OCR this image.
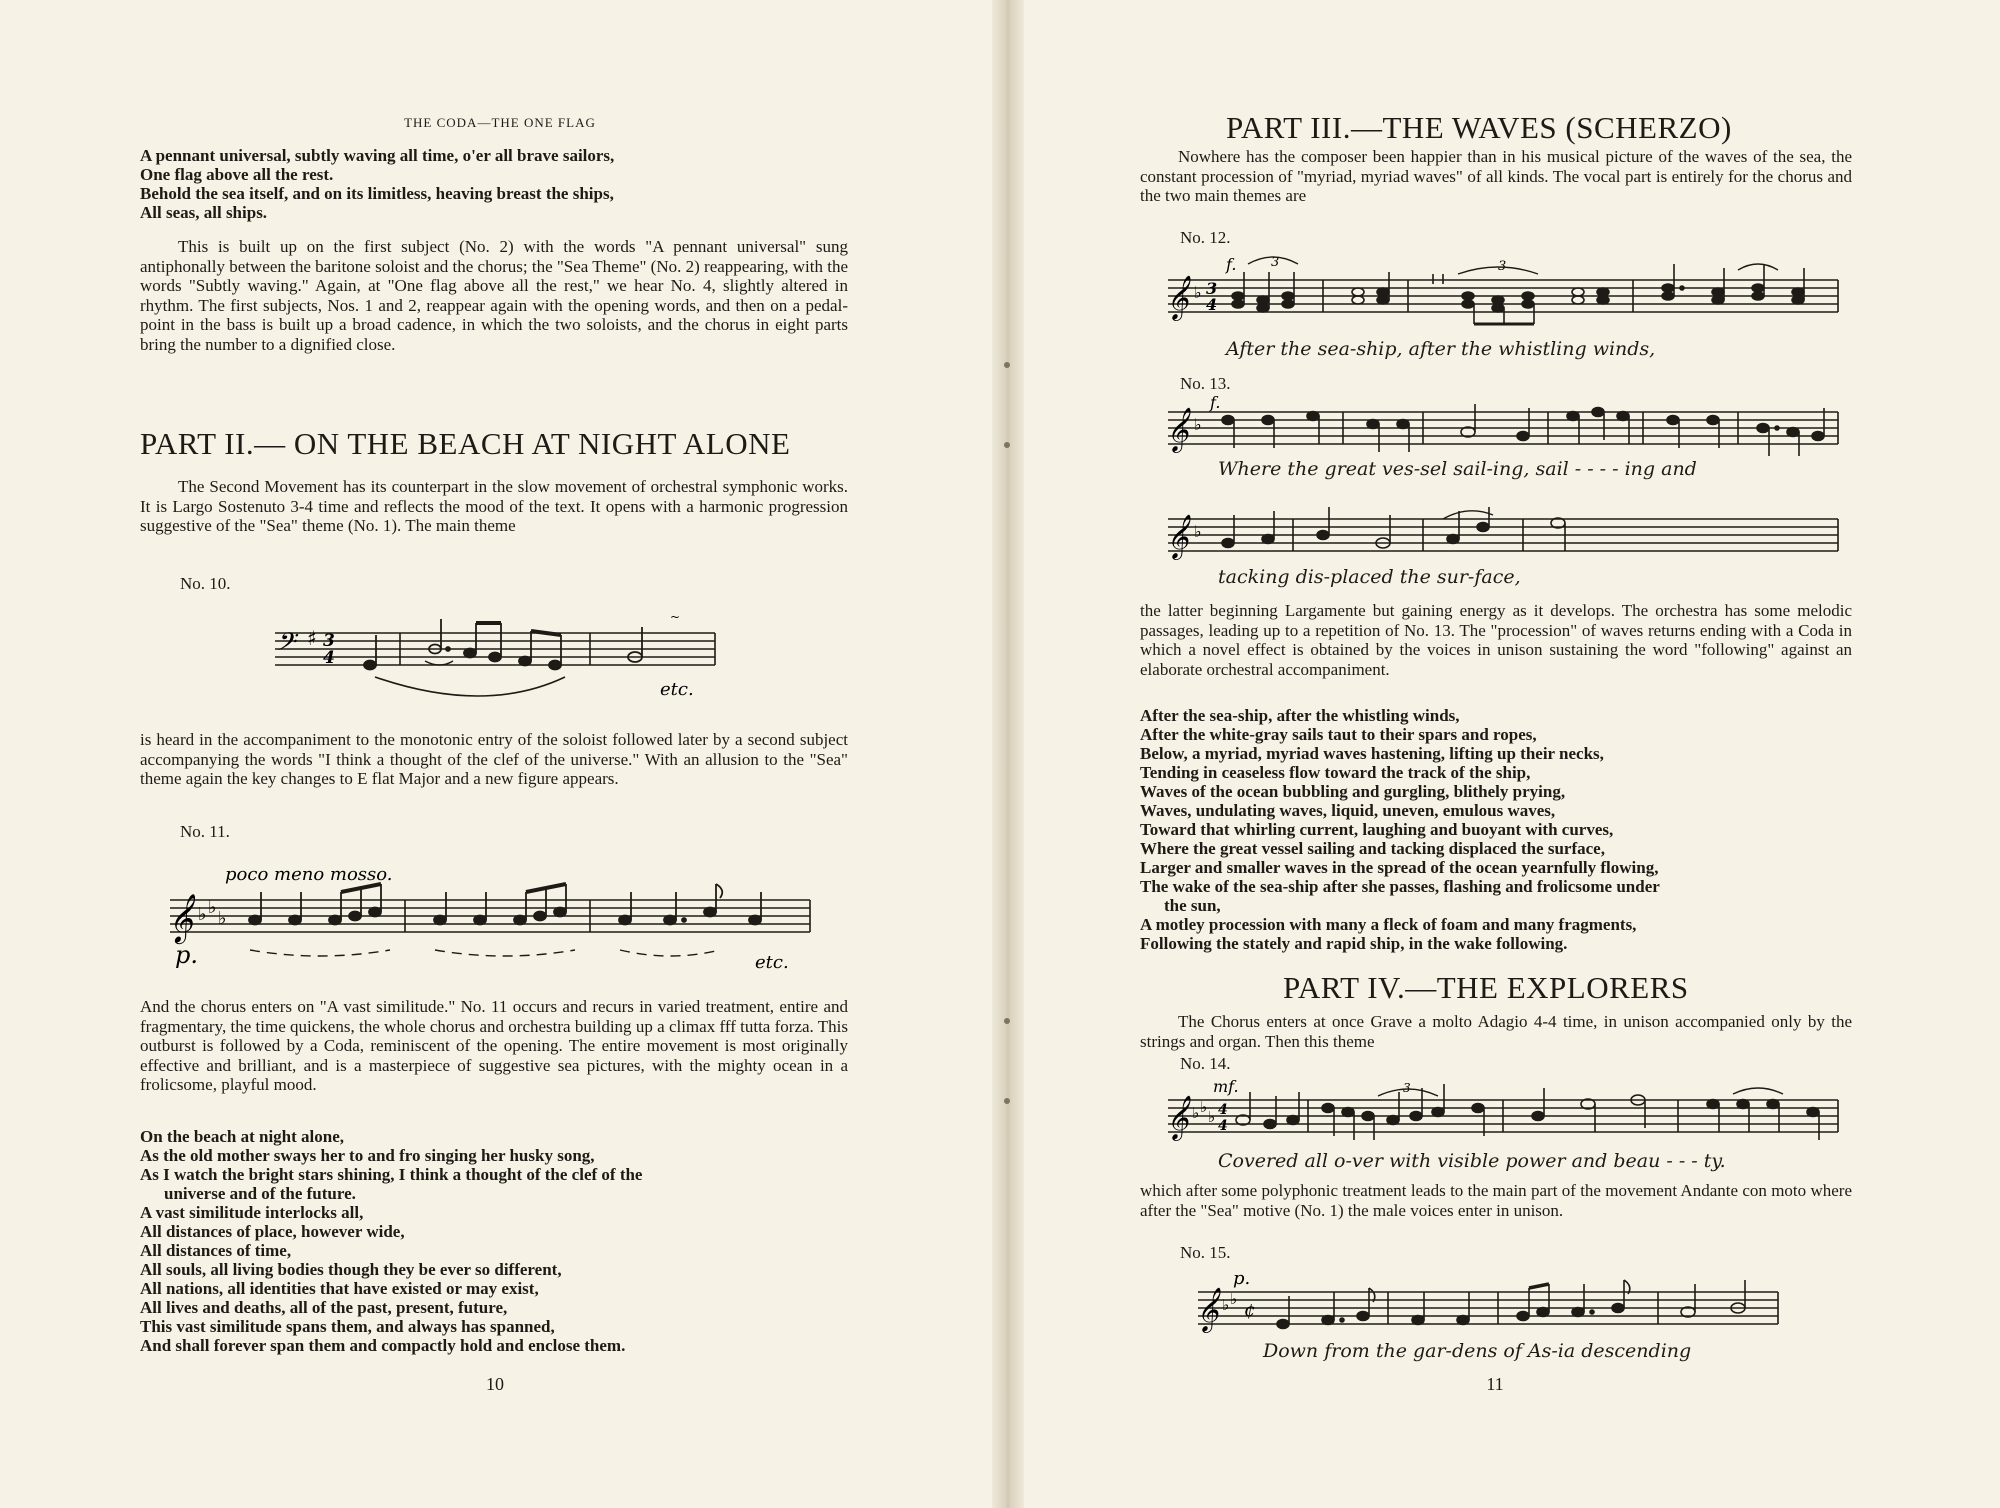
THE CODA—THE ONE FLAG
A pennant universal, subtly waving all time, o'er all brave sailors,
One flag above all the rest.
Behold the sea itself, and on its limitless, heaving breast the ships,
All seas, all ships.
This is built up on the first subject (No. 2) with the words "A pennant universal" sung antiphonally between the baritone soloist and the chorus; the "Sea Theme" (No. 2) reappearing, with the words "Subtly waving." Again, at "One flag above all the rest," we hear No. 4, slightly altered in rhythm. The first subjects, Nos. 1 and 2, reappear again with the opening words, and then on a pedal-point in the bass is built up a broad cadence, in which the two soloists, and the chorus in eight parts bring the number to a dignified close.
PART II.— ON THE BEACH AT NIGHT ALONE
The Second Movement has its counterpart in the slow movement of orchestral symphonic works. It is Largo Sostenuto 3-4 time and reflects the mood of the text. It opens with a harmonic progression suggestive of the "Sea" theme (No. 1). The main theme
No. 10.
𝄢 ♯ 3
4
~
etc.
is heard in the accompaniment to the monotonic entry of the soloist followed later by a second subject accompanying the words "I think a thought of the clef of the universe." With an allusion to the "Sea" theme again the key changes to E flat Major and a new figure appears.
No. 11.
poco meno mosso.
𝄞 ♭ ♭
♭
p.	etc.
And the chorus enters on "A vast similitude." No. 11 occurs and recurs in varied treatment, entire and fragmentary, the time quickens, the whole chorus and orchestra building up a climax fff tutta forza. This outburst is followed by a Coda, reminiscent of the opening. The entire movement is most originally effective and brilliant, and is a masterpiece of suggestive sea pictures, with the mighty ocean in a frolicsome, playful mood.
On the beach at night alone,
As the old mother sways her to and fro singing her husky song,
As I watch the bright stars shining, I think a thought of the clef of the
universe and of the future.
A vast similitude interlocks all,
All distances of place, however wide,
All distances of time,
All souls, all living bodies though they be ever so different,
All nations, all identities that have existed or may exist,
All lives and deaths, all of the past, present, future,
This vast similitude spans them, and always has spanned,
And shall forever span them and compactly hold and enclose them.
10
PART III.—THE WAVES (SCHERZO)
Nowhere has the composer been happier than in his musical picture of the waves of the sea, the constant procession of "myriad, myriad waves" of all kinds. The vocal part is entirely for the chorus and the two main themes are
No. 12.
𝄞 ♭ 3
4
f.	3	3
After the sea-ship, after the whistling winds,
No. 13.
𝄞 ♭
f.
Where the great ves-sel sail-ing, sail - - - - ing and
𝄞 ♭
tacking dis-placed the sur-face,
the latter beginning Largamente but gaining energy as it develops. The orchestra has some melodic passages, leading up to a repetition of No. 13. The "procession" of waves returns ending with a Coda in which a novel effect is obtained by the voices in unison sustaining the word "following" against an elaborate orchestral accompaniment.
After the sea-ship, after the whistling winds,
After the white-gray sails taut to their spars and ropes,
Below, a myriad, myriad waves hastening, lifting up their necks,
Tending in ceaseless flow toward the track of the ship,
Waves of the ocean bubbling and gurgling, blithely prying,
Waves, undulating waves, liquid, uneven, emulous waves,
Toward that whirling current, laughing and buoyant with curves,
Where the great vessel sailing and tacking displaced the surface,
Larger and smaller waves in the spread of the ocean yearnfully flowing,
The wake of the sea-ship after she passes, flashing and frolicsome under
the sun,
A motley procession with many a fleck of foam and many fragments,
Following the stately and rapid ship, in the wake following.
PART IV.—THE EXPLORERS
The Chorus enters at once Grave a molto Adagio 4-4 time, in unison accompanied only by the strings and organ. Then this theme
No. 14.
mf.
𝄞 ♭ ♭
♭ 4
4
3
Covered all o-ver with visible power and beau - - - ty.
which after some polyphonic treatment leads to the main part of the movement Andante con moto where after the "Sea" motive (No. 1) the male voices enter in unison.
No. 15.
p.
𝄞 ♭ ♭
¢
Down from the gar-dens of As-ia descending
11
